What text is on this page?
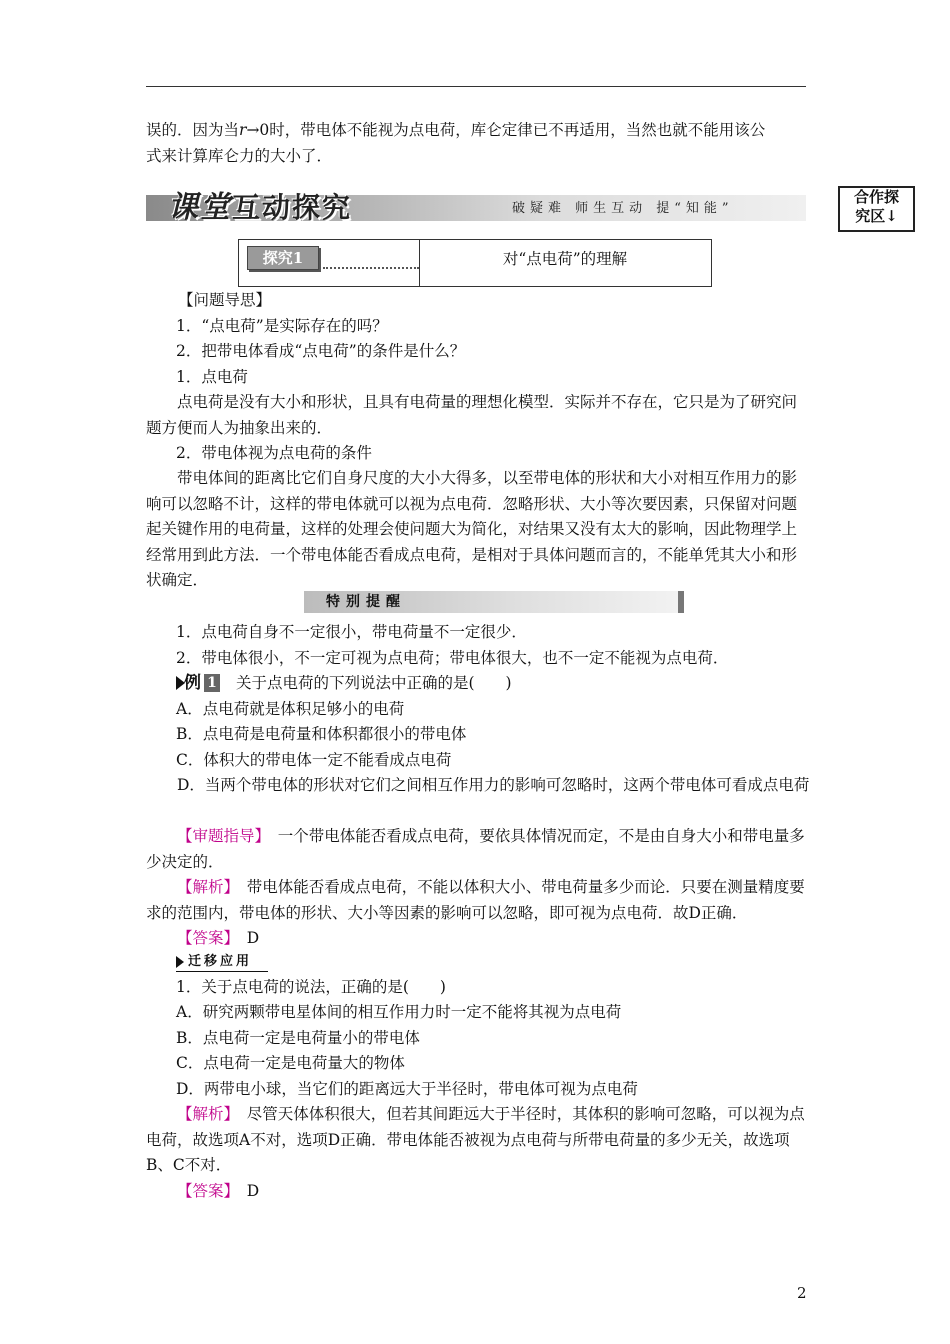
误的．因为当r→0时，带电体不能视为点电荷，库仑定律已不再适用，当然也就不能用该公
式来计算库仑力的大小了．
课堂互动探究	破疑难 师生互动 提“知能”
合作探
究区↓
探究1	对“点电荷”的理解
【问题导思】
1．“点电荷”是实际存在的吗？
2．把带电体看成“点电荷”的条件是什么？
1．点电荷
点电荷是没有大小和形状，且具有电荷量的理想化模型．实际并不存在，它只是为了研究问题方便而人为抽象出来的．
2．带电体视为点电荷的条件
带电体间的距离比它们自身尺度的大小大得多，以至带电体的形状和大小对相互作用力的影响可以忽略不计，这样的带电体就可以视为点电荷．忽略形状、大小等次要因素，只保留对问题起关键作用的电荷量，这样的处理会使问题大为简化，对结果又没有太大的影响，因此物理学上经常用到此方法．一个带电体能否看成点电荷，是相对于具体问题而言的，不能单凭其大小和形状确定．
特别提醒
1．点电荷自身不一定很小，带电荷量不一定很少．
2．带电体很小，不一定可视为点电荷；带电体很大，也不一定不能视为点电荷．
例 1 关于点电荷的下列说法中正确的是(　　)
A．点电荷就是体积足够小的电荷
B．点电荷是电荷量和体积都很小的带电体
C．体积大的带电体一定不能看成点电荷
D．当两个带电体的形状对它们之间相互作用力的影响可忽略时，这两个带电体可看成点电荷
【审题指导】　一个带电体能否看成点电荷，要依具体情况而定，不是由自身大小和带电量多少决定的．
【解析】　带电体能否看成点电荷，不能以体积大小、带电荷量多少而论．只要在测量精度要求的范围内，带电体的形状、大小等因素的影响可以忽略，即可视为点电荷．故D正确．
【答案】　D
迁移应用
1．关于点电荷的说法，正确的是(　　)
A．研究两颗带电星体间的相互作用力时一定不能将其视为点电荷
B．点电荷一定是电荷量小的带电体
C．点电荷一定是电荷量大的物体
D．两带电小球，当它们的距离远大于半径时，带电体可视为点电荷
【解析】　尽管天体体积很大，但若其间距远大于半径时，其体积的影响可忽略，可以视为点电荷，故选项A不对，选项D正确．带电体能否被视为点电荷与所带电荷量的多少无关，故选项B、C不对．
【答案】　D
2
